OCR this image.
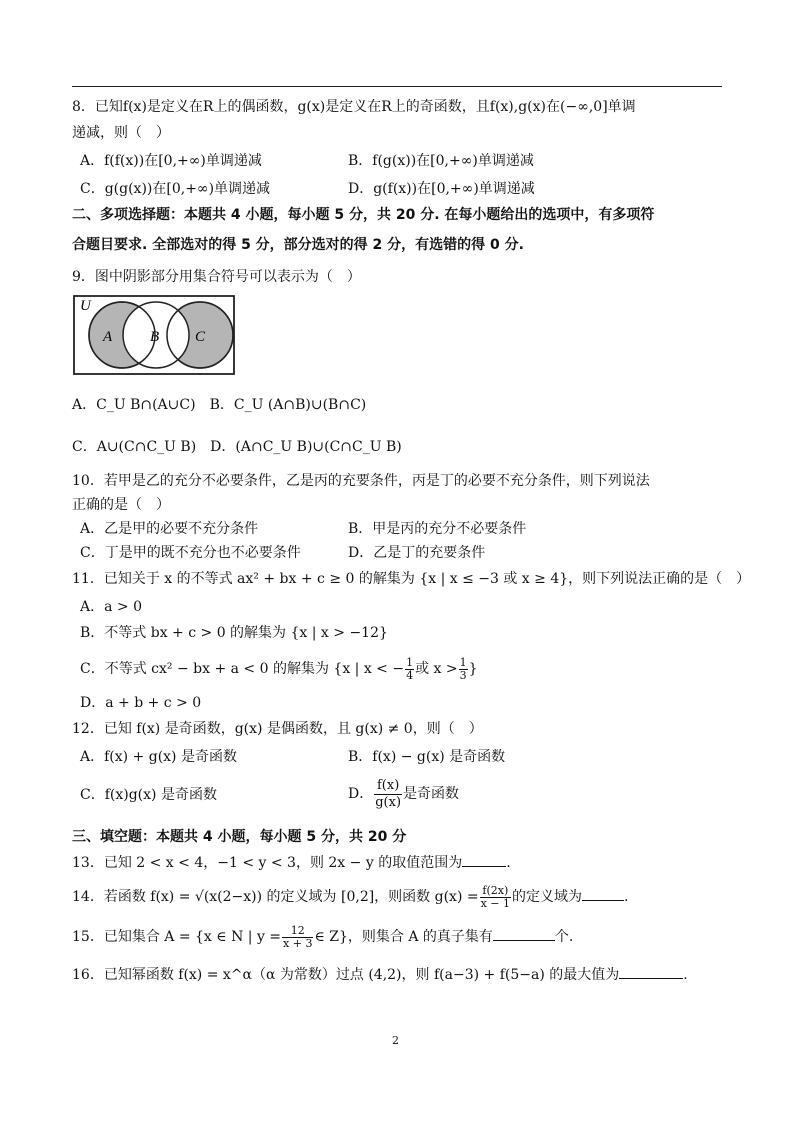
8．已知f(x)是定义在R上的偶函数，g(x)是定义在R上的奇函数，且f(x),g(x)在(−∞,0]单调
递减，则（　）
A．f(f(x))在[0,+∞)单调递减	B．f(g(x))在[0,+∞)单调递减
C．g(g(x))在[0,+∞)单调递减	D．g(f(x))在[0,+∞)单调递减
二、多项选择题：本题共 4 小题，每小题 5 分，共 20 分. 在每小题给出的选项中，有多项符
合题目要求. 全部选对的得 5 分，部分选对的得 2 分，有选错的得 0 分.
9．图中阴影部分用集合符号可以表示为（　）
U
A	B C
A．C_U B∩(A∪C)　B．C_U (A∩B)∪(B∩C)
C．A∪(C∩C_U B)　D．(A∩C_U B)∪(C∩C_U B)
10．若甲是乙的充分不必要条件，乙是丙的充要条件，丙是丁的必要不充分条件，则下列说法
正确的是（　）
A．乙是甲的必要不充分条件	B．甲是丙的充分不必要条件
C．丁是甲的既不充分也不必要条件	D．乙是丁的充要条件
11．已知关于 x 的不等式 ax² + bx + c ≥ 0 的解集为 {x | x ≤ −3 或 x ≥ 4}，则下列说法正确的是（　）
A．a > 0
B．不等式 bx + c > 0 的解集为 {x | x > −12}
C．不等式 cx² − bx + a < 0 的解集为 {x | x < − $\frac{1}{4}$ 或 $x > \frac{1}{3}$ }
D．a + b + c > 0
12．已知 f(x) 是奇函数，g(x) 是偶函数，且 g(x) ≠ 0，则（　）
A．f(x) + g(x) 是奇函数	B．f(x) − g(x) 是奇函数
C．f(x)g(x) 是奇函数	D． $\frac{f(x)}{g(x)}$ 是奇函数
三、填空题：本题共 4 小题，每小题 5 分，共 20 分
13．已知 2 < x < 4，−1 < y < 3，则 2x − y 的取值范围为	.
14．若函数 f(x) = √(x(2−x)) 的定义域为 [0,2]，则函数 $g(x) = \frac{f(2x)}{x - 1}$ 的定义域为	.
15．已知集合 A = {x ∈ N | $y = \frac{12}{x + 3}$ ∈ Z}，则集合 A 的真子集有	个.
16．已知幂函数 f(x) = x^α（α 为常数）过点 (4,2)，则 f(a−3) + f(5−a) 的最大值为	.
2
